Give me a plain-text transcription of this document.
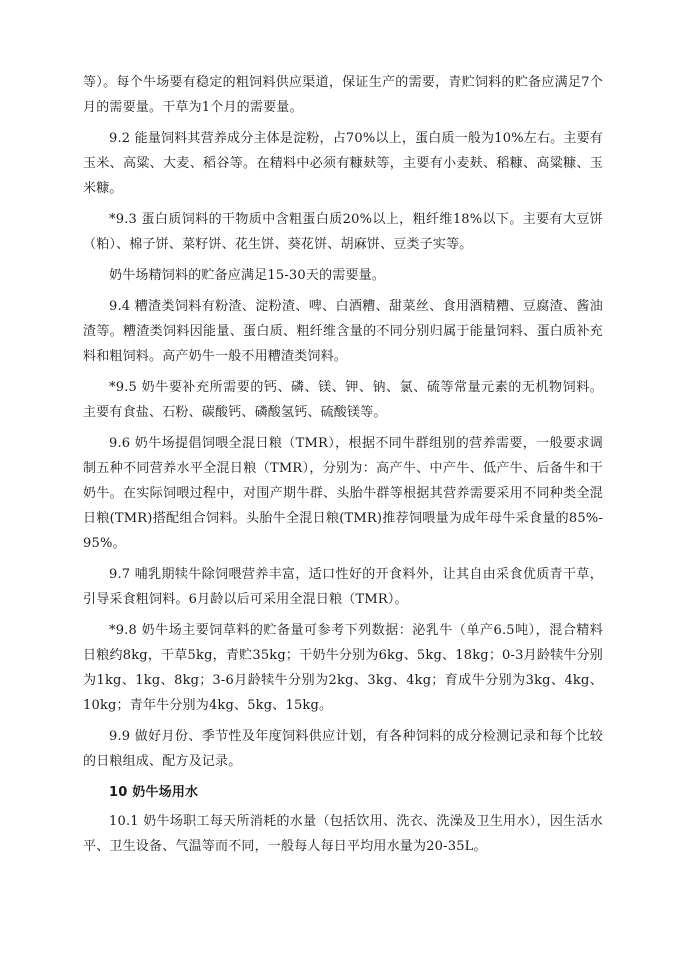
等）。每个牛场要有稳定的粗饲料供应渠道，保证生产的需要，青贮饲料的贮备应满足7个月的需要量。干草为1个月的需要量。

9.2 能量饲料其营养成分主体是淀粉，占70%以上，蛋白质一般为10%左右。主要有玉米、高粱、大麦、稻谷等。在精料中必须有糠麸等，主要有小麦麸、稻糠、高粱糠、玉米糠。

*9.3 蛋白质饲料的干物质中含粗蛋白质20%以上，粗纤维18%以下。主要有大豆饼（粕）、棉子饼、菜籽饼、花生饼、葵花饼、胡麻饼、豆类子实等。

奶牛场精饲料的贮备应满足15-30天的需要量。

9.4 糟渣类饲料有粉渣、淀粉渣、啤、白酒糟、甜菜丝、食用酒精糟、豆腐渣、酱油渣等。糟渣类饲料因能量、蛋白质、粗纤维含量的不同分别归属于能量饲料、蛋白质补充料和粗饲料。高产奶牛一般不用糟渣类饲料。

*9.5 奶牛要补充所需要的钙、磷、镁、钾、钠、氯、硫等常量元素的无机物饲料。主要有食盐、石粉、碳酸钙、磷酸氢钙、硫酸镁等。

9.6 奶牛场提倡饲喂全混日粮（TMR），根据不同牛群组别的营养需要，一般要求调制五种不同营养水平全混日粮（TMR），分别为：高产牛、中产牛、低产牛、后备牛和干奶牛。在实际饲喂过程中，对围产期牛群、头胎牛群等根据其营养需要采用不同种类全混日粮(TMR)搭配组合饲料。头胎牛全混日粮(TMR)推荐饲喂量为成年母牛采食量的85%-95%。

9.7 哺乳期犊牛除饲喂营养丰富，适口性好的开食料外，让其自由采食优质青干草，引导采食粗饲料。6月龄以后可采用全混日粮（TMR）。

*9.8 奶牛场主要饲草料的贮备量可参考下列数据：泌乳牛（单产6.5吨），混合精料日粮约8kg，干草5kg，青贮35kg；干奶牛分别为6kg、5kg、18kg；0-3月龄犊牛分别为1kg、1kg、8kg；3-6月龄犊牛分别为2kg、3kg、4kg；育成牛分别为3kg、4kg、10kg；青年牛分别为4kg、5kg、15kg。

9.9 做好月份、季节性及年度饲料供应计划，有各种饲料的成分检测记录和每个比较的日粮组成、配方及记录。

10 奶牛场用水

10.1 奶牛场职工每天所消耗的水量（包括饮用、洗衣、洗澡及卫生用水），因生活水平、卫生设备、气温等而不同，一般每人每日平均用水量为20-35L。
